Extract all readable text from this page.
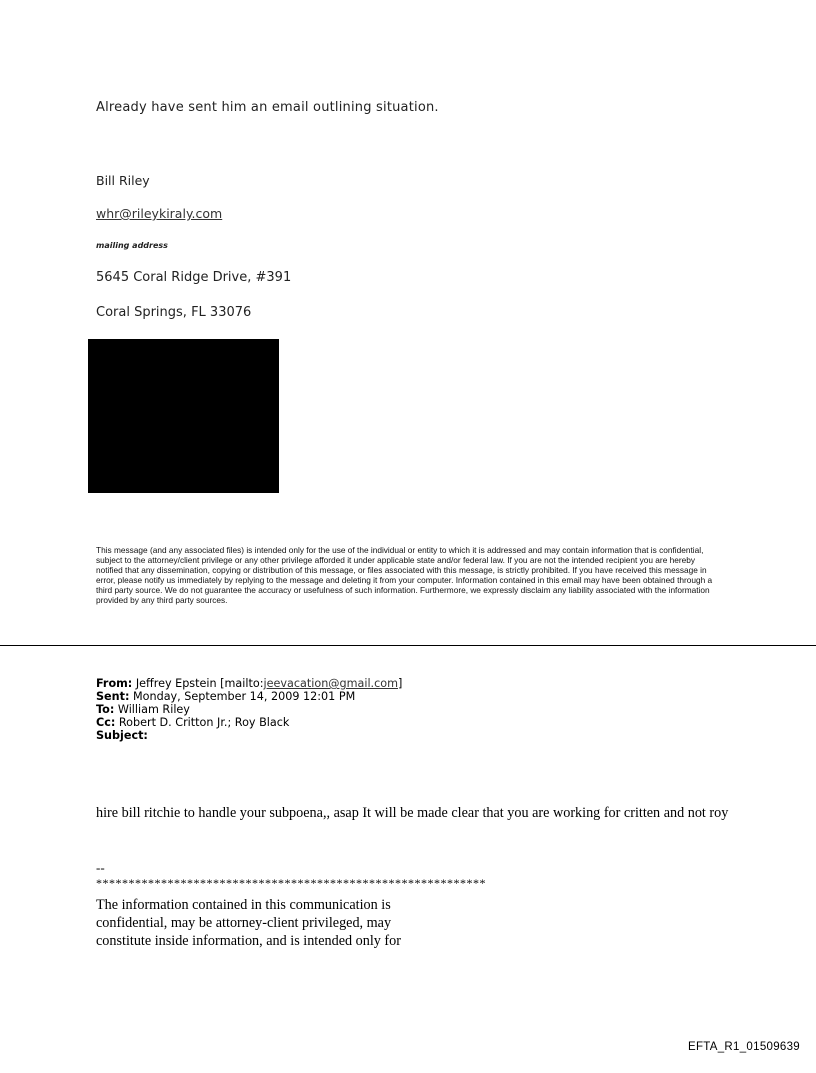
Already have sent him an email outlining situation.
Bill Riley
whr@rileykiraly.com
mailing address
5645 Coral Ridge Drive, #391
Coral Springs, FL 33076
This message (and any associated files) is intended only for the use of the individual or entity to which it is addressed and may contain information that is confidential, subject to the attorney/client privilege or any other privilege afforded it under applicable state and/or federal law. If you are not the intended recipient you are hereby notified that any dissemination, copying or distribution of this message, or files associated with this message, is strictly prohibited. If you have received this message in error, please notify us immediately by replying to the message and deleting it from your computer. Information contained in this email may have been obtained through a third party source. We do not guarantee the accuracy or usefulness of such information. Furthermore, we expressly disclaim any liability associated with the information provided by any third party sources.
From: Jeffrey Epstein [mailto:jeevacation@gmail.com]
Sent: Monday, September 14, 2009 12:01 PM
To: William Riley
Cc: Robert D. Critton Jr.; Roy Black
Subject:
hire bill ritchie to handle your subpoena,, asap It will be made clear that you are working for critten and not roy
--
************************************************************
The information contained in this communication is
confidential, may be attorney-client privileged, may
constitute inside information, and is intended only for
EFTA_R1_01509639
